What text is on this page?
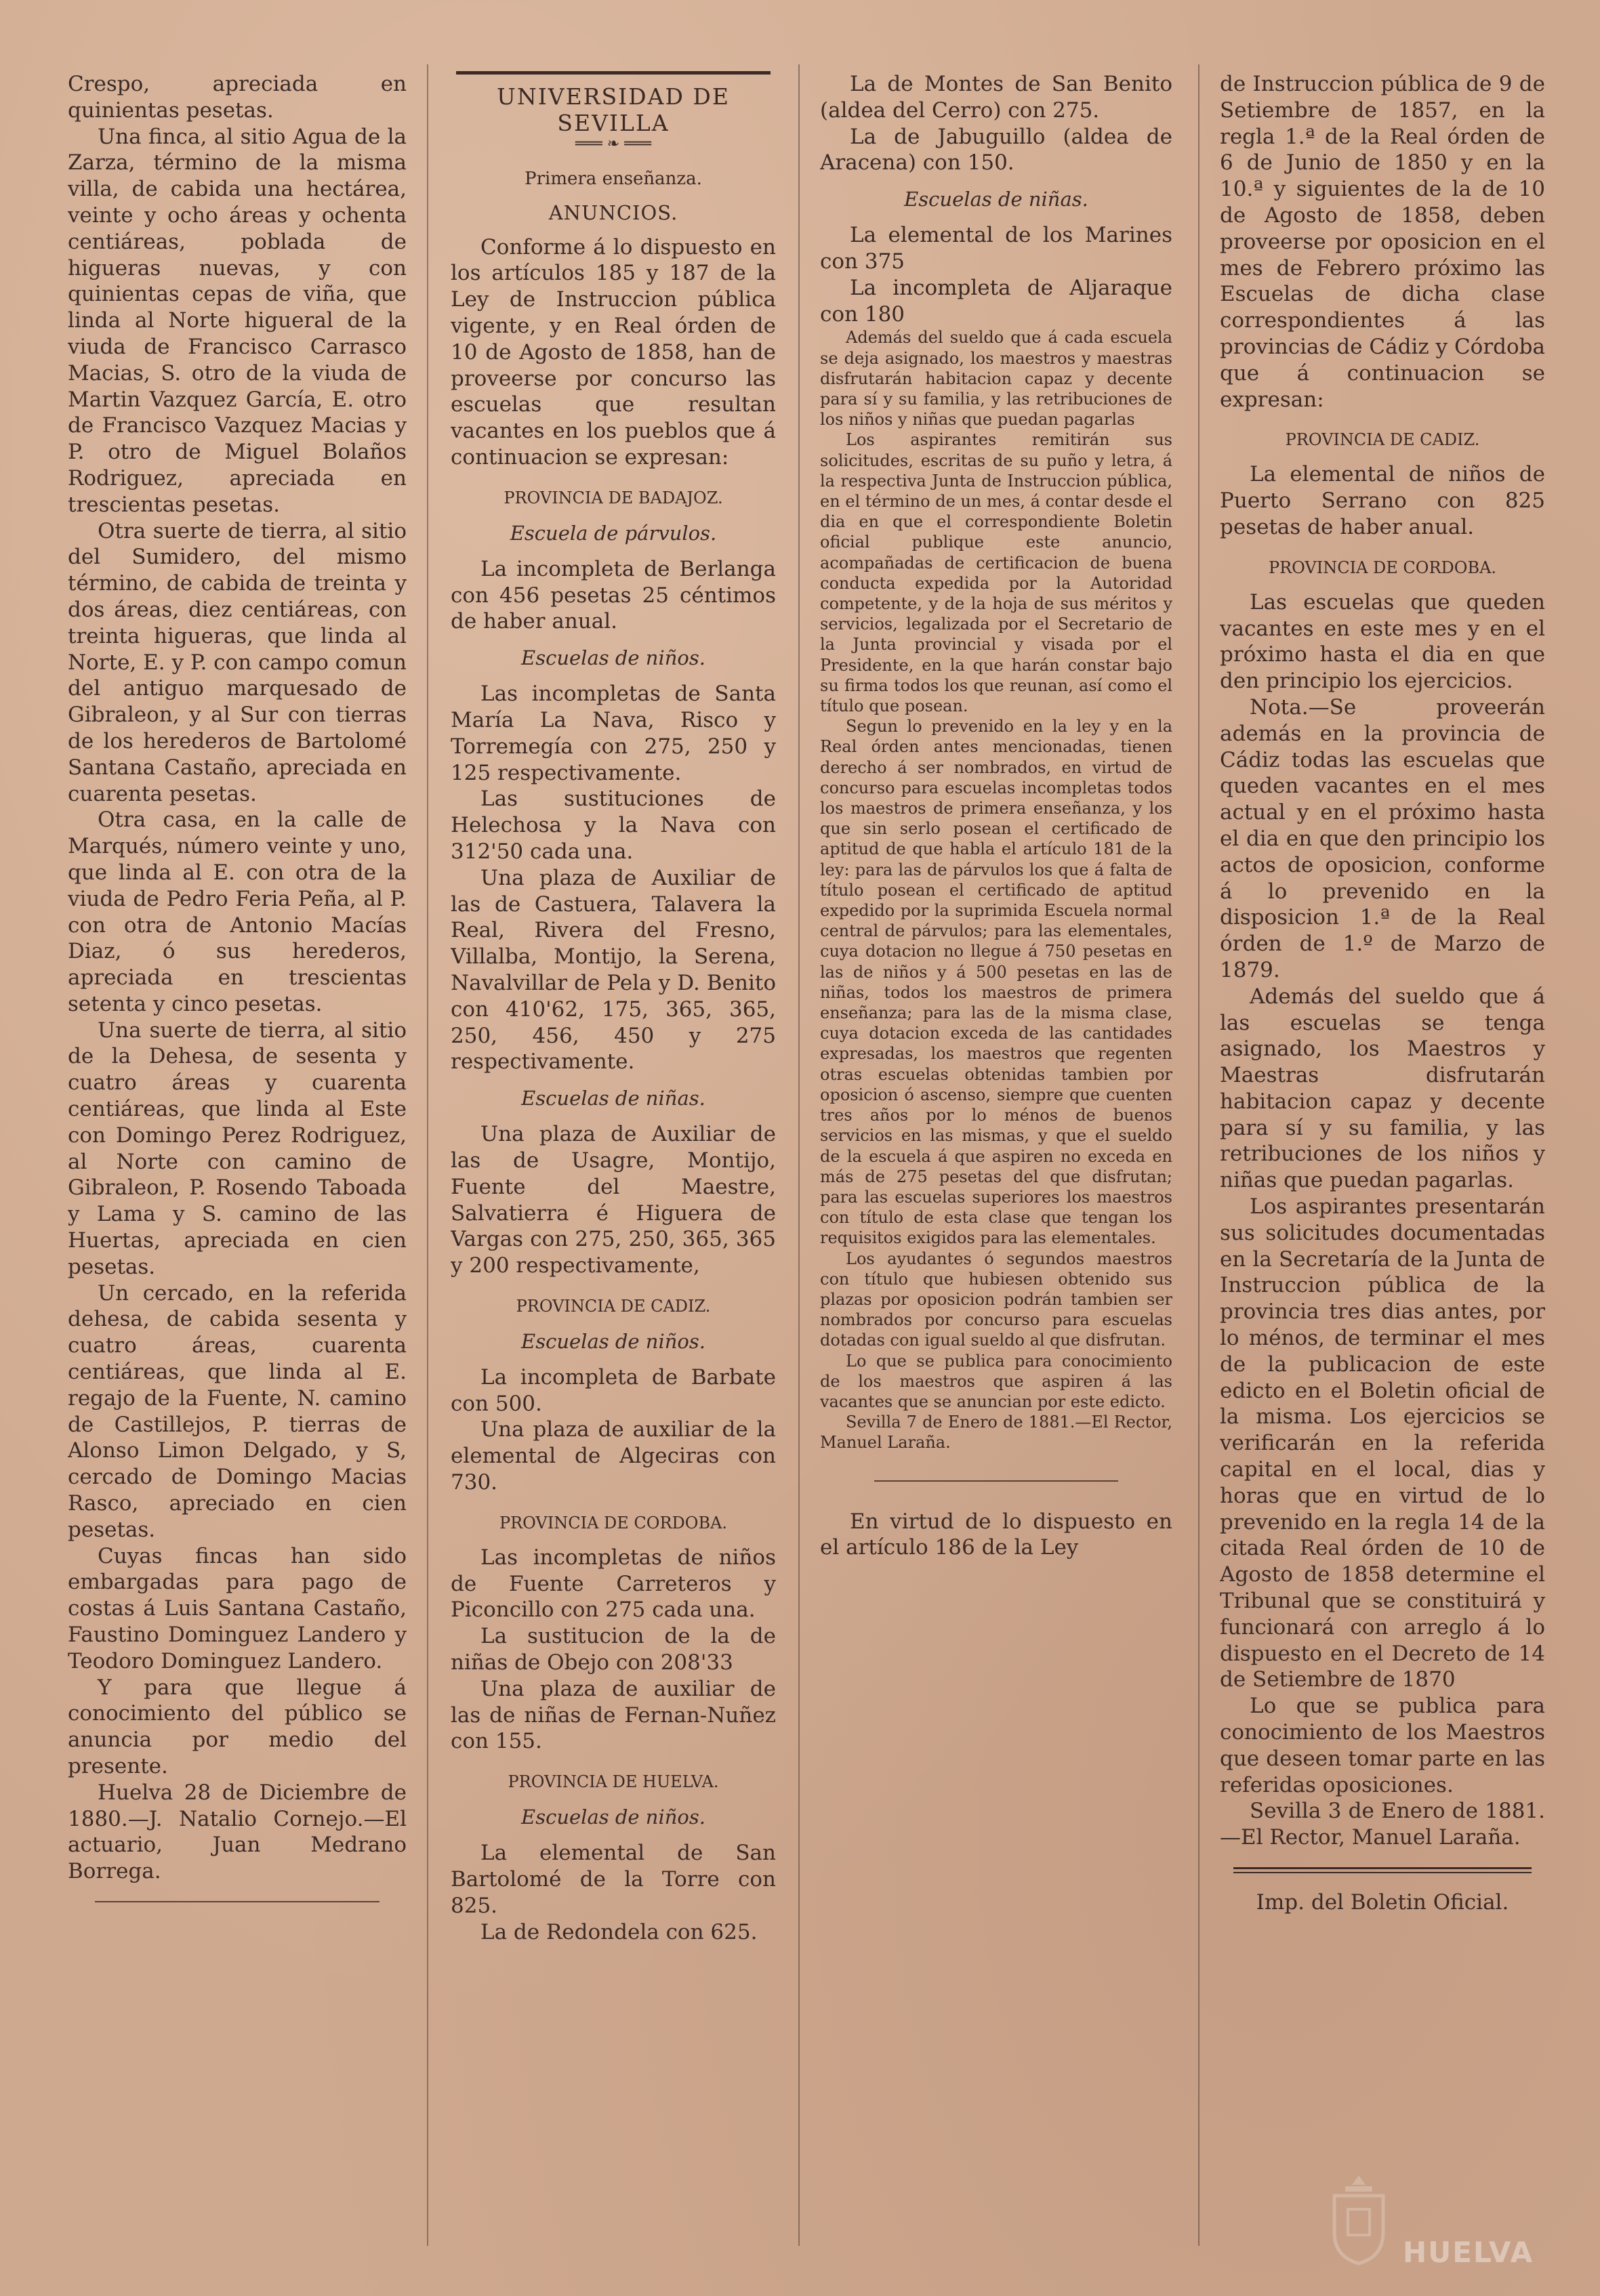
Crespo, apreciada en quinientas pesetas.

Una finca, al sitio Agua de la Zarza, término de la misma villa, de cabida una hectárea, veinte y ocho áreas y ochenta centiáreas, poblada de higueras nuevas, y con quinientas cepas de viña, que linda al Norte higueral de la viuda de Francisco Carrasco Macias, S. otro de la viuda de Martin Vazquez García, E. otro de Francisco Vazquez Macias y P. otro de Miguel Bolaños Rodriguez, apreciada en trescientas pesetas.

Otra suerte de tierra, al sitio del Sumidero, del mismo término, de cabida de treinta y dos áreas, diez centiáreas, con treinta higueras, que linda al Norte, E. y P. con campo comun del antiguo marquesado de Gibraleon, y al Sur con tierras de los herederos de Bartolomé Santana Castaño, apreciada en cuarenta pesetas.

Otra casa, en la calle de Marqués, número veinte y uno, que linda al E. con otra de la viuda de Pedro Feria Peña, al P. con otra de Antonio Macías Diaz, ó sus herederos, apreciada en trescientas setenta y cinco pesetas.

Una suerte de tierra, al sitio de la Dehesa, de sesenta y cuatro áreas y cuarenta centiáreas, que linda al Este con Domingo Perez Rodriguez, al Norte con camino de Gibraleon, P. Rosendo Taboada y Lama y S. camino de las Huertas, apreciada en cien pesetas.

Un cercado, en la referida dehesa, de cabida sesenta y cuatro áreas, cuarenta centiáreas, que linda al E. regajo de la Fuente, N. camino de Castillejos, P. tierras de Alonso Limon Delgado, y S, cercado de Domingo Macias Rasco, apreciado en cien pesetas.

Cuyas fincas han sido embargadas para pago de costas á Luis Santana Castaño, Faustino Dominguez Landero y Teodoro Dominguez Landero.

Y para que llegue á conocimiento del público se anuncia por medio del presente.

Huelva 28 de Diciembre de 1880.—J. Natalio Cornejo.—El actuario, Juan Medrano Borrega.

UNIVERSIDAD DE SEVILLA
═══ ❧ ═══
Primera enseñanza.
ANUNCIOS.

Conforme á lo dispuesto en los artículos 185 y 187 de la Ley de Instruccion pública vigente, y en Real órden de 10 de Agosto de 1858, han de proveerse por concurso las escuelas que resultan vacantes en los pueblos que á continuacion se expresan:

PROVINCIA DE BADAJOZ.
Escuela de párvulos.

La incompleta de Berlanga con 456 pesetas 25 céntimos de haber anual.

Escuelas de niños.

Las incompletas de Santa María La Nava, Risco y Torremegía con 275, 250 y 125 respectivamente.

Las sustituciones de Helechosa y la Nava con 312'50 cada una.

Una plaza de Auxiliar de las de Castuera, Talavera la Real, Rivera del Fresno, Villalba, Montijo, la Serena, Navalvillar de Pela y D. Benito con 410'62, 175, 365, 365, 250, 456, 450 y 275 respectivamente.

Escuelas de niñas.

Una plaza de Auxiliar de las de Usagre, Montijo, Fuente del Maestre, Salvatierra é Higuera de Vargas con 275, 250, 365, 365 y 200 respectivamente,

PROVINCIA DE CADIZ.
Escuelas de niños.

La incompleta de Barbate con 500.

Una plaza de auxiliar de la elemental de Algeciras con 730.

PROVINCIA DE CORDOBA.

Las incompletas de niños de Fuente Carreteros y Piconcillo con 275 cada una.

La sustitucion de la de niñas de Obejo con 208'33

Una plaza de auxiliar de las de niñas de Fernan-Nuñez con 155.

PROVINCIA DE HUELVA.
Escuelas de niños.

La elemental de San Bartolomé de la Torre con 825.

La de Redondela con 625.

La de Montes de San Benito (aldea del Cerro) con 275.

La de Jabuguillo (aldea de Aracena) con 150.

Escuelas de niñas.

La elemental de los Marines con 375

La incompleta de Aljaraque con 180

Además del sueldo que á cada escuela se deja asignado, los maestros y maestras disfrutarán habitacion capaz y decente para sí y su familia, y las retribuciones de los niños y niñas que puedan pagarlas

Los aspirantes remitirán sus solicitudes, escritas de su puño y letra, á la respectiva Junta de Instruccion pública, en el término de un mes, á contar desde el dia en que el correspondiente Boletin oficial publique este anuncio, acompañadas de certificacion de buena conducta expedida por la Autoridad competente, y de la hoja de sus méritos y servicios, legalizada por el Secretario de la Junta provincial y visada por el Presidente, en la que harán constar bajo su firma todos los que reunan, así como el título que posean.

Segun lo prevenido en la ley y en la Real órden antes mencionadas, tienen derecho á ser nombrados, en virtud de concurso para escuelas incompletas todos los maestros de primera enseñanza, y los que sin serlo posean el certificado de aptitud de que habla el artículo 181 de la ley: para las de párvulos los que á falta de título posean el certificado de aptitud expedido por la suprimida Escuela normal central de párvulos; para las elementales, cuya dotacion no llegue á 750 pesetas en las de niños y á 500 pesetas en las de niñas, todos los maestros de primera enseñanza; para las de la misma clase, cuya dotacion exceda de las cantidades expresadas, los maestros que regenten otras escuelas obtenidas tambien por oposicion ó ascenso, siempre que cuenten tres años por lo ménos de buenos servicios en las mismas, y que el sueldo de la escuela á que aspiren no exceda en más de 275 pesetas del que disfrutan; para las escuelas superiores los maestros con título de esta clase que tengan los requisitos exigidos para las elementales.

Los ayudantes ó segundos maestros con título que hubiesen obtenido sus plazas por oposicion podrán tambien ser nombrados por concurso para escuelas dotadas con igual sueldo al que disfrutan.

Lo que se publica para conocimiento de los maestros que aspiren á las vacantes que se anuncian por este edicto.

Sevilla 7 de Enero de 1881.—El Rector, Manuel Laraña.

En virtud de lo dispuesto en el artículo 186 de la Ley

de Instruccion pública de 9 de Setiembre de 1857, en la regla 1.ª de la Real órden de 6 de Junio de 1850 y en la 10.ª y siguientes de la de 10 de Agosto de 1858, deben proveerse por oposicion en el mes de Febrero próximo las Escuelas de dicha clase correspondientes á las provincias de Cádiz y Córdoba que á continuacion se expresan:

PROVINCIA DE CADIZ.

La elemental de niños de Puerto Serrano con 825 pesetas de haber anual.

PROVINCIA DE CORDOBA.

Las escuelas que queden vacantes en este mes y en el próximo hasta el dia en que den principio los ejercicios.

Nota.—Se proveerán además en la provincia de Cádiz todas las escuelas que queden vacantes en el mes actual y en el próximo hasta el dia en que den principio los actos de oposicion, conforme á lo prevenido en la disposicion 1.ª de la Real órden de 1.º de Marzo de 1879.

Además del sueldo que á las escuelas se tenga asignado, los Maestros y Maestras disfrutarán habitacion capaz y decente para sí y su familia, y las retribuciones de los niños y niñas que puedan pagarlas.

Los aspirantes presentarán sus solicitudes documentadas en la Secretaría de la Junta de Instruccion pública de la provincia tres dias antes, por lo ménos, de terminar el mes de la publicacion de este edicto en el Boletin oficial de la misma. Los ejercicios se verificarán en la referida capital en el local, dias y horas que en virtud de lo prevenido en la regla 14 de la citada Real órden de 10 de Agosto de 1858 determine el Tribunal que se constituirá y funcionará con arreglo á lo dispuesto en el Decreto de 14 de Setiembre de 1870

Lo que se publica para conocimiento de los Maestros que deseen tomar parte en las referidas oposiciones.

Sevilla 3 de Enero de 1881.—El Rector, Manuel Laraña.

Imp. del Boletin Oficial.

HUELVA
